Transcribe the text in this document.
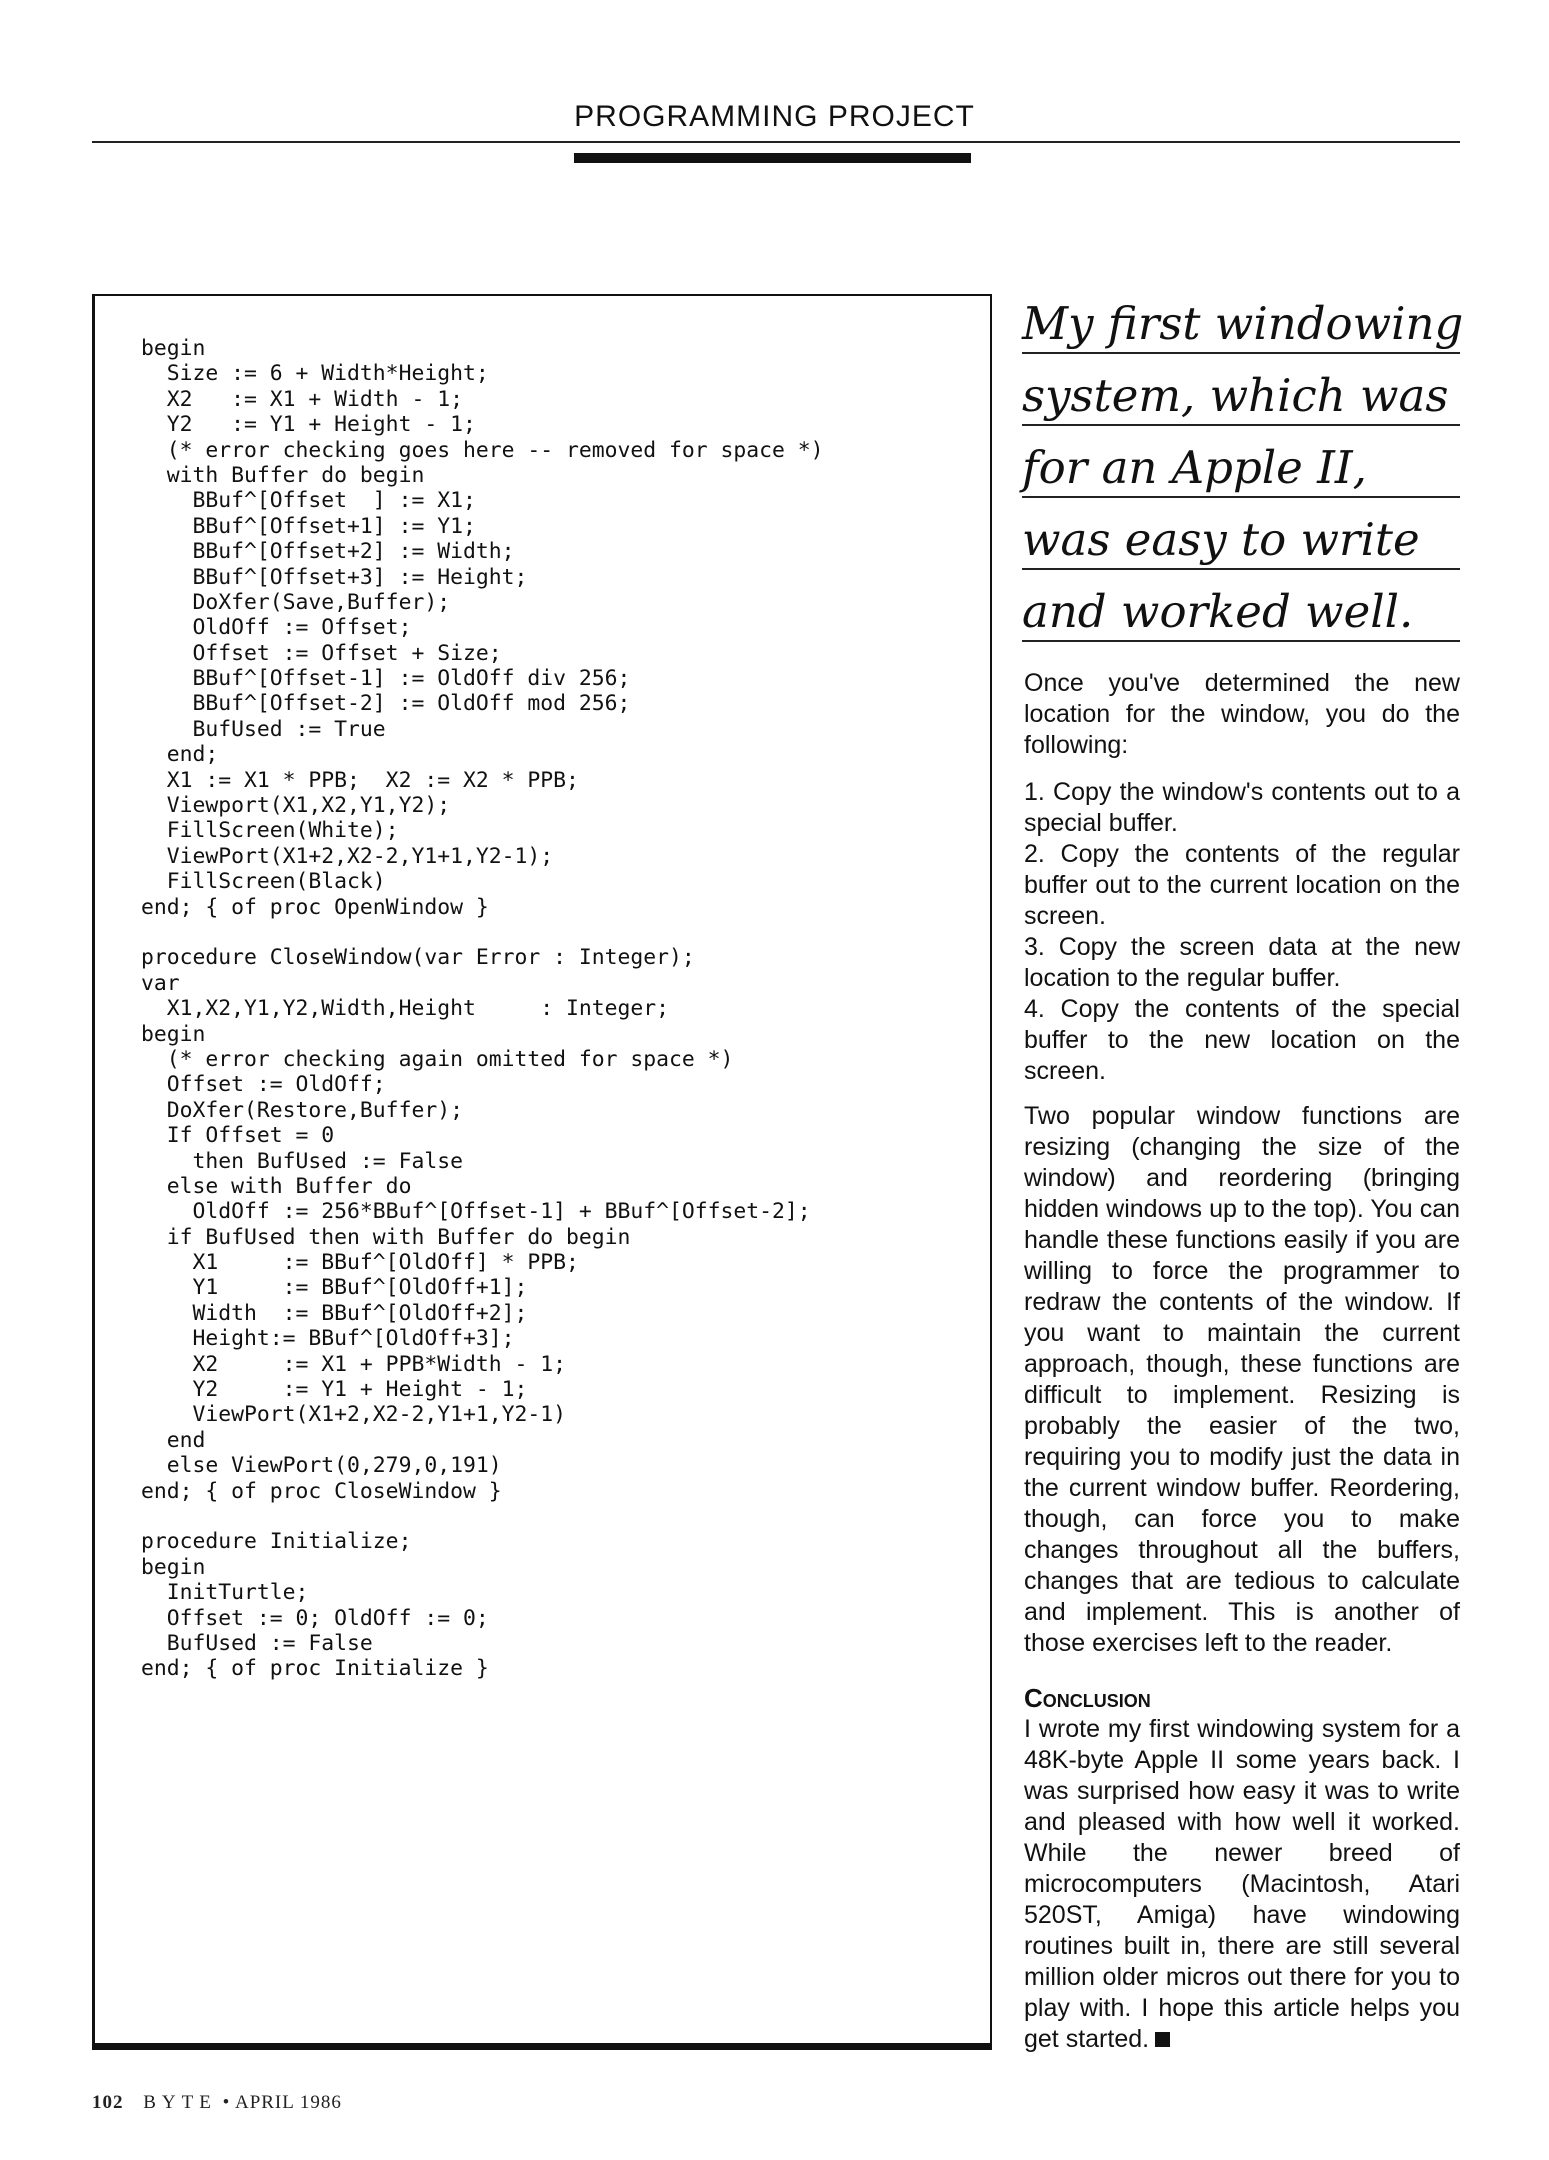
PROGRAMMING PROJECT
begin
Size := 6 + Width*Height;
X2   := X1 + Width - 1;
Y2   := Y1 + Height - 1;
(* error checking goes here -- removed for space *)
with Buffer do begin
BBuf^[Offset  ] := X1;
BBuf^[Offset+1] := Y1;
BBuf^[Offset+2] := Width;
BBuf^[Offset+3] := Height;
DoXfer(Save,Buffer);
OldOff := Offset;
Offset := Offset + Size;
BBuf^[Offset-1] := OldOff div 256;
BBuf^[Offset-2] := OldOff mod 256;
BufUsed := True
end;
X1 := X1 * PPB;  X2 := X2 * PPB;
Viewport(X1,X2,Y1,Y2);
FillScreen(White);
ViewPort(X1+2,X2-2,Y1+1,Y2-1);
FillScreen(Black)
end; { of proc OpenWindow }
procedure CloseWindow(var Error : Integer);
var
X1,X2,Y1,Y2,Width,Height     : Integer;
begin
(* error checking again omitted for space *)
Offset := OldOff;
DoXfer(Restore,Buffer);
If Offset = 0
then BufUsed := False
else with Buffer do
OldOff := 256*BBuf^[Offset-1] + BBuf^[Offset-2];
if BufUsed then with Buffer do begin
X1     := BBuf^[OldOff] * PPB;
Y1     := BBuf^[OldOff+1];
Width  := BBuf^[OldOff+2];
Height:= BBuf^[OldOff+3];
X2     := X1 + PPB*Width - 1;
Y2     := Y1 + Height - 1;
ViewPort(X1+2,X2-2,Y1+1,Y2-1)
end
else ViewPort(0,279,0,191)
end; { of proc CloseWindow }
procedure Initialize;
begin
InitTurtle;
Offset := 0; OldOff := 0;
BufUsed := False
end; { of proc Initialize }
My first windowing
system, which was
for an Apple II,
was easy to write
and worked well.

Once you've determined the new location for the window, you do the following:

1. Copy the window's contents out to a special buffer.
2. Copy the contents of the regular buffer out to the current location on the screen.
3. Copy the screen data at the new location to the regular buffer.
4. Copy the contents of the special buffer to the new location on the screen.

Two popular window functions are resizing (changing the size of the window) and reordering (bringing hidden windows up to the top). You can handle these functions easily if you are willing to force the programmer to redraw the contents of the window. If you want to maintain the current approach, though, these functions are difficult to implement. Resizing is probably the easier of the two, requiring you to modify just the data in the current window buffer. Reordering, though, can force you to make changes throughout all the buffers, changes that are tedious to calculate and implement. This is another of those exercises left to the reader.

Conclusion

I wrote my first windowing system for a 48K-byte Apple II some years back. I was surprised how easy it was to write and pleased with how well it worked. While the newer breed of microcomputers (Macintosh, Atari 520ST, Amiga) have windowing routines built in, there are still several million older micros out there for you to play with. I hope this article helps you get started.

102 BYTE • APRIL 1986
